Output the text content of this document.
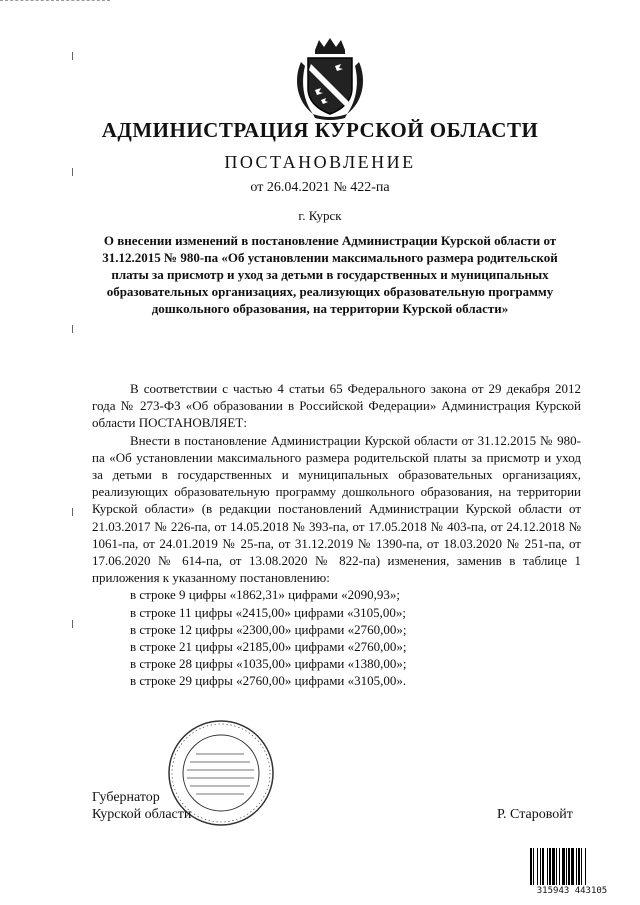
АДМИНИСТРАЦИЯ КУРСКОЙ ОБЛАСТИ
ПОСТАНОВЛЕНИЕ
от 26.04.2021 № 422-па
г. Курск
О внесении изменений в постановление Администрации Курской области от 31.12.2015 № 980-па «Об установлении максимального размера родительской платы за присмотр и уход за детьми в государственных и муниципальных образовательных организациях, реализующих образовательную программу дошкольного образования, на территории Курской области»

В соответствии с частью 4 статьи 65 Федерального закона от 29 декабря 2012 года № 273-ФЗ «Об образовании в Российской Федерации» Администрация Курской области ПОСТАНОВЛЯЕТ:

Внести в постановление Администрации Курской области от 31.12.2015 № 980-па «Об установлении максимального размера родительской платы за присмотр и уход за детьми в государственных и муниципальных образовательных организациях, реализующих образовательную программу дошкольного образования, на территории Курской области» (в редакции постановлений Администрации Курской области от 21.03.2017 № 226-па, от 14.05.2018 № 393-па, от 17.05.2018 № 403-па, от 24.12.2018 № 1061-па, от 24.01.2019 № 25-па, от 31.12.2019 № 1390-па, от 18.03.2020 № 251-па, от 17.06.2020 № 614-па, от 13.08.2020 № 822-па) изменения, заменив в таблице 1 приложения к указанному постановлению:

в строке 9 цифры «1862,31» цифрами «2090,93»;
в строке 11 цифры «2415,00» цифрами «3105,00»;
в строке 12 цифры «2300,00» цифрами «2760,00»;
в строке 21 цифры «2185,00» цифрами «2760,00»;
в строке 28 цифры «1035,00» цифрами «1380,00»;
в строке 29 цифры «2760,00» цифрами «3105,00».
Губернатор
Курской области	Р. Старовойт
315943 443105
